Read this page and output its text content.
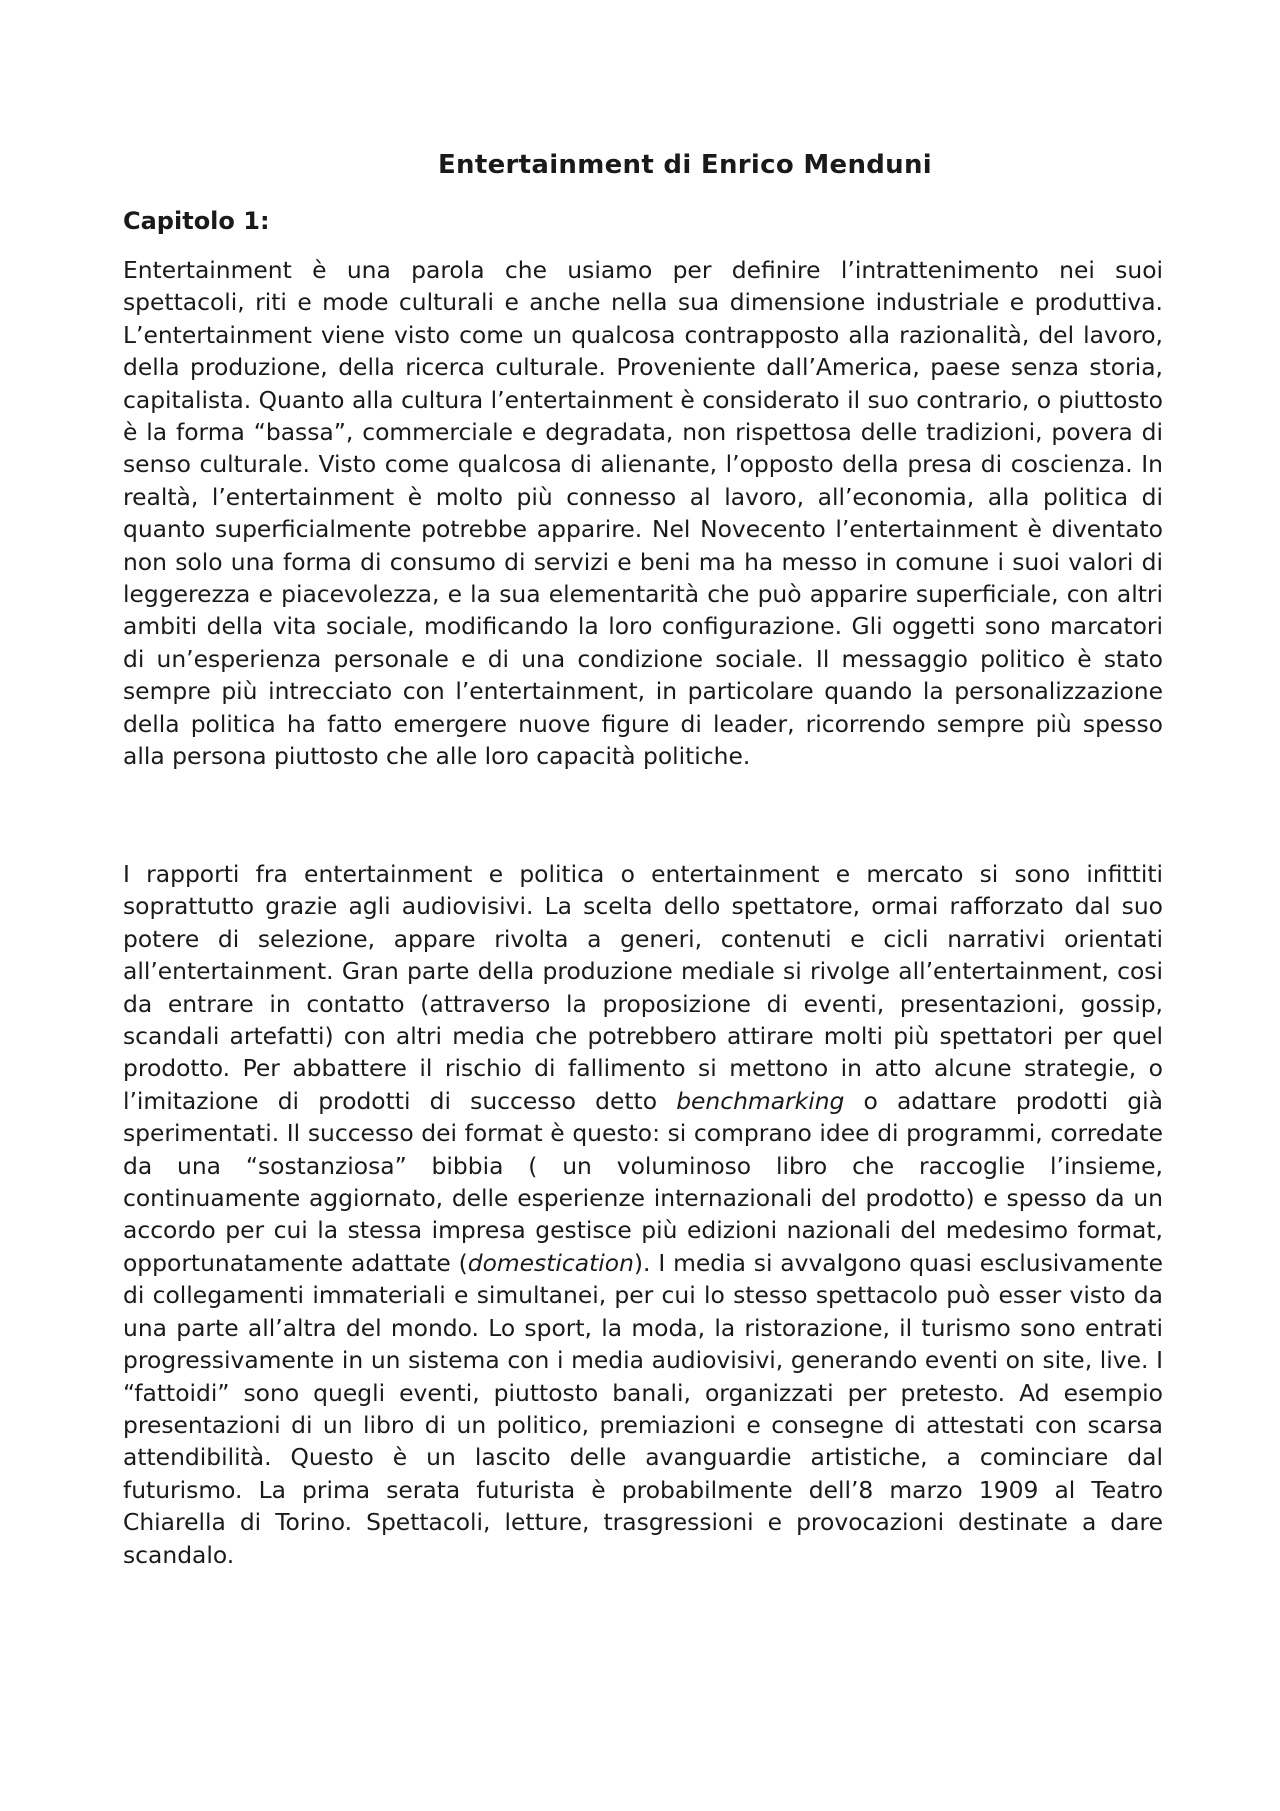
Entertainment di Enrico Menduni
Capitolo 1:

Entertainment è una parola che usiamo per definire l’intrattenimento nei suoi spettacoli, riti e mode culturali e anche nella sua dimensione industriale e produttiva. L’entertainment viene visto come un qualcosa contrapposto alla razionalità, del lavoro, della produzione, della ricerca culturale. Proveniente dall’America, paese senza storia, capitalista. Quanto alla cultura l’entertainment è considerato il suo contrario, o piuttosto è la forma “bassa”, commerciale e degradata, non rispettosa delle tradizioni, povera di senso culturale. Visto come qualcosa di alienante, l’opposto della presa di coscienza. In realtà, l’entertainment è molto più connesso al lavoro, all’economia, alla politica di quanto superficialmente potrebbe apparire. Nel Novecento l’entertainment è diventato non solo una forma di consumo di servizi e beni ma ha messo in comune i suoi valori di leggerezza e piacevolezza, e la sua elementarità che può apparire superficiale, con altri ambiti della vita sociale, modificando la loro configurazione. Gli oggetti sono marcatori di un’esperienza personale e di una condizione sociale. Il messaggio politico è stato sempre più intrecciato con l’entertainment, in particolare quando la personalizzazione della politica ha fatto emergere nuove figure di leader, ricorrendo sempre più spesso alla persona piuttosto che alle loro capacità politiche.

I rapporti fra entertainment e politica o entertainment e mercato si sono infittiti soprattutto grazie agli audiovisivi. La scelta dello spettatore, ormai rafforzato dal suo potere di selezione, appare rivolta a generi, contenuti e cicli narrativi orientati all’entertainment. Gran parte della produzione mediale si rivolge all’entertainment, cosi da entrare in contatto (attraverso la proposizione di eventi, presentazioni, gossip, scandali artefatti) con altri media che potrebbero attirare molti più spettatori per quel prodotto. Per abbattere il rischio di fallimento si mettono in atto alcune strategie, o l’imitazione di prodotti di successo detto benchmarking o adattare prodotti già sperimentati. Il successo dei format è questo: si comprano idee di programmi, corredate da una “sostanziosa” bibbia ( un voluminoso libro che raccoglie l’insieme, continuamente aggiornato, delle esperienze internazionali del prodotto) e spesso da un accordo per cui la stessa impresa gestisce più edizioni nazionali del medesimo format, opportunatamente adattate (domestication). I media si avvalgono quasi esclusivamente di collegamenti immateriali e simultanei, per cui lo stesso spettacolo può esser visto da una parte all’altra del mondo. Lo sport, la moda, la ristorazione, il turismo sono entrati progressivamente in un sistema con i media audiovisivi, generando eventi on site, live. I “fattoidi” sono quegli eventi, piuttosto banali, organizzati per pretesto. Ad esempio presentazioni di un libro di un politico, premiazioni e consegne di attestati con scarsa attendibilità. Questo è un lascito delle avanguardie artistiche, a cominciare dal futurismo. La prima serata futurista è probabilmente dell’8 marzo 1909 al Teatro Chiarella di Torino. Spettacoli, letture, trasgressioni e provocazioni destinate a dare scandalo.
